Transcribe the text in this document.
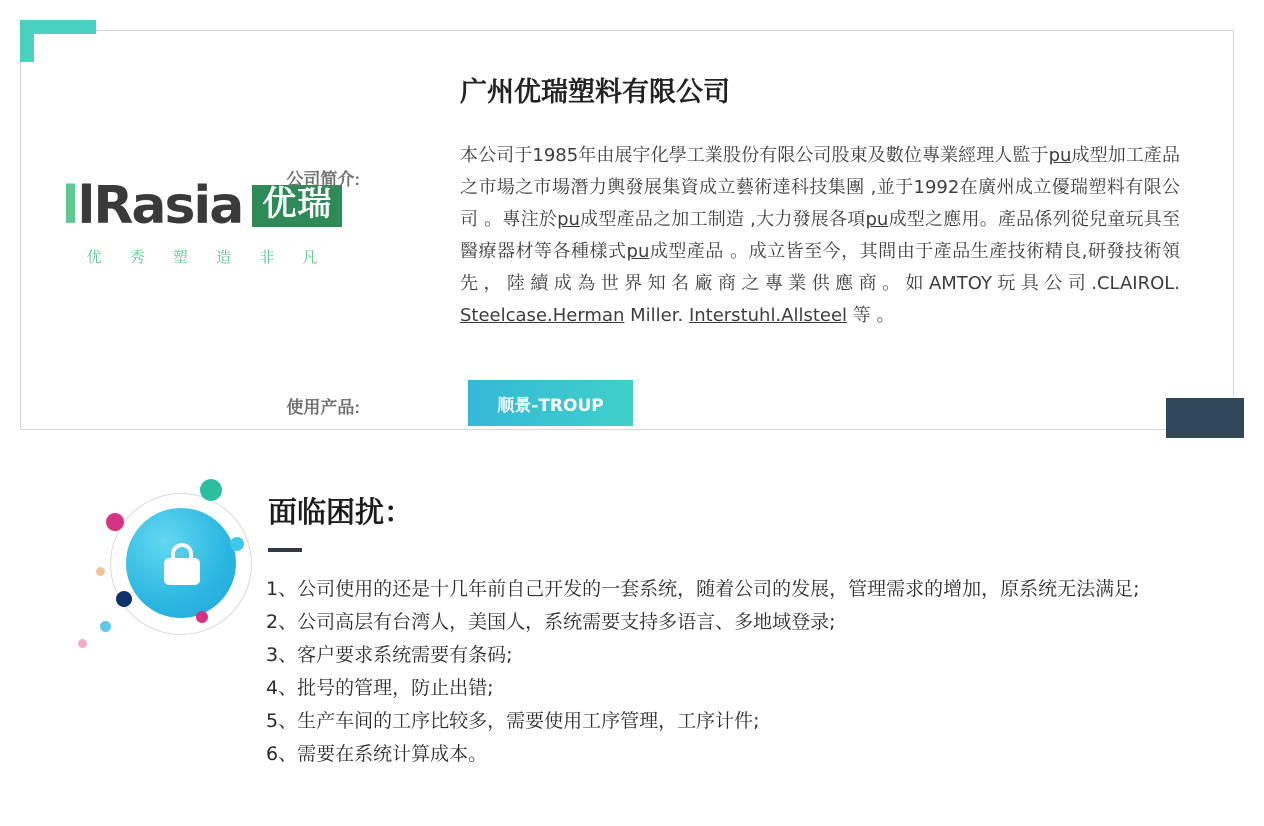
llRasia 优瑞
优 秀 塑 造 非 凡
广州优瑞塑料有限公司
公司简介:
本公司于1985年由展宇化學工業股份有限公司股東及數位專業經理人監于pu成型加工產品之市場之市場潛力輿發展集資成立藝術達科技集團 ,並于1992在廣州成立優瑞塑料有限公司 。專注於pu成型產品之加工制造 ,大力發展各項pu成型之應用。產品係列從兒童玩具至醫療器材等各種樣式pu成型產品 。成立皆至今，其間由于產品生產技術精良,研發技術領先，陸續成為世界知名廠商之專業供應商。如AMTOY玩具公司.CLAIROL. Steelcase.Herman Miller. Interstuhl.Allsteel 等 。
使用产品:	顺景-TROUP
面临困扰：

1、公司使用的还是十几年前自己开发的一套系统，随着公司的发展，管理需求的增加，原系统无法满足;

2、公司高层有台湾人，美国人，系统需要支持多语言、多地域登录;

3、客户要求系统需要有条码;

4、批号的管理，防止出错;

5、生产车间的工序比较多，需要使用工序管理，工序计件;

6、需要在系统计算成本。
